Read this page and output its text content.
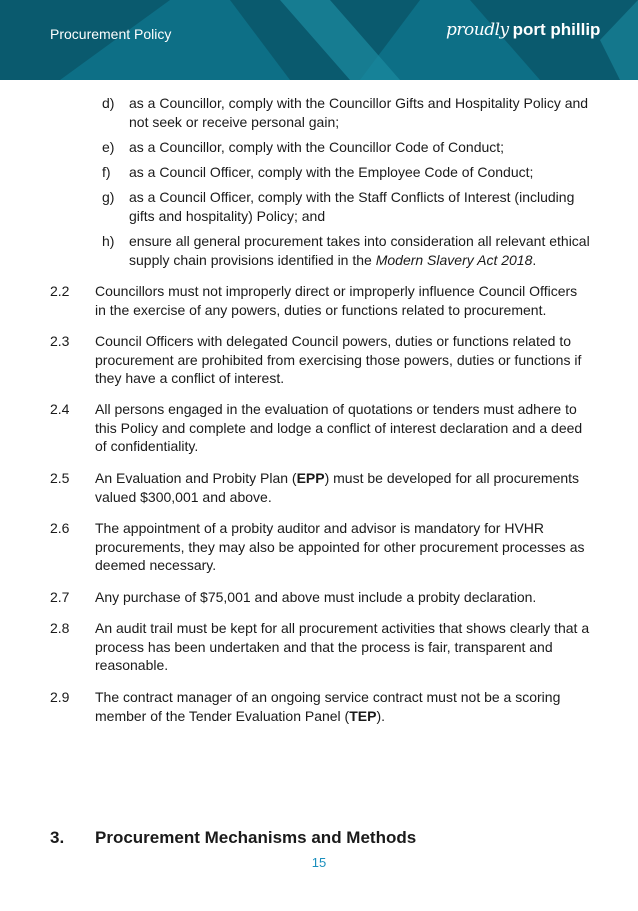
Procurement Policy	proudly port phillip
d) as a Councillor, comply with the Councillor Gifts and Hospitality Policy and not seek or receive personal gain;
e) as a Councillor, comply with the Councillor Code of Conduct;
f) as a Council Officer, comply with the Employee Code of Conduct;
g) as a Council Officer, comply with the Staff Conflicts of Interest (including gifts and hospitality) Policy; and
h) ensure all general procurement takes into consideration all relevant ethical supply chain provisions identified in the Modern Slavery Act 2018.
2.2 Councillors must not improperly direct or improperly influence Council Officers in the exercise of any powers, duties or functions related to procurement.
2.3 Council Officers with delegated Council powers, duties or functions related to procurement are prohibited from exercising those powers, duties or functions if they have a conflict of interest.
2.4 All persons engaged in the evaluation of quotations or tenders must adhere to this Policy and complete and lodge a conflict of interest declaration and a deed of confidentiality.
2.5 An Evaluation and Probity Plan (EPP) must be developed for all procurements valued $300,001 and above.
2.6 The appointment of a probity auditor and advisor is mandatory for HVHR procurements, they may also be appointed for other procurement processes as deemed necessary.
2.7 Any purchase of $75,001 and above must include a probity declaration.
2.8 An audit trail must be kept for all procurement activities that shows clearly that a process has been undertaken and that the process is fair, transparent and reasonable.
2.9 The contract manager of an ongoing service contract must not be a scoring member of the Tender Evaluation Panel (TEP).
3. Procurement Mechanisms and Methods
15
